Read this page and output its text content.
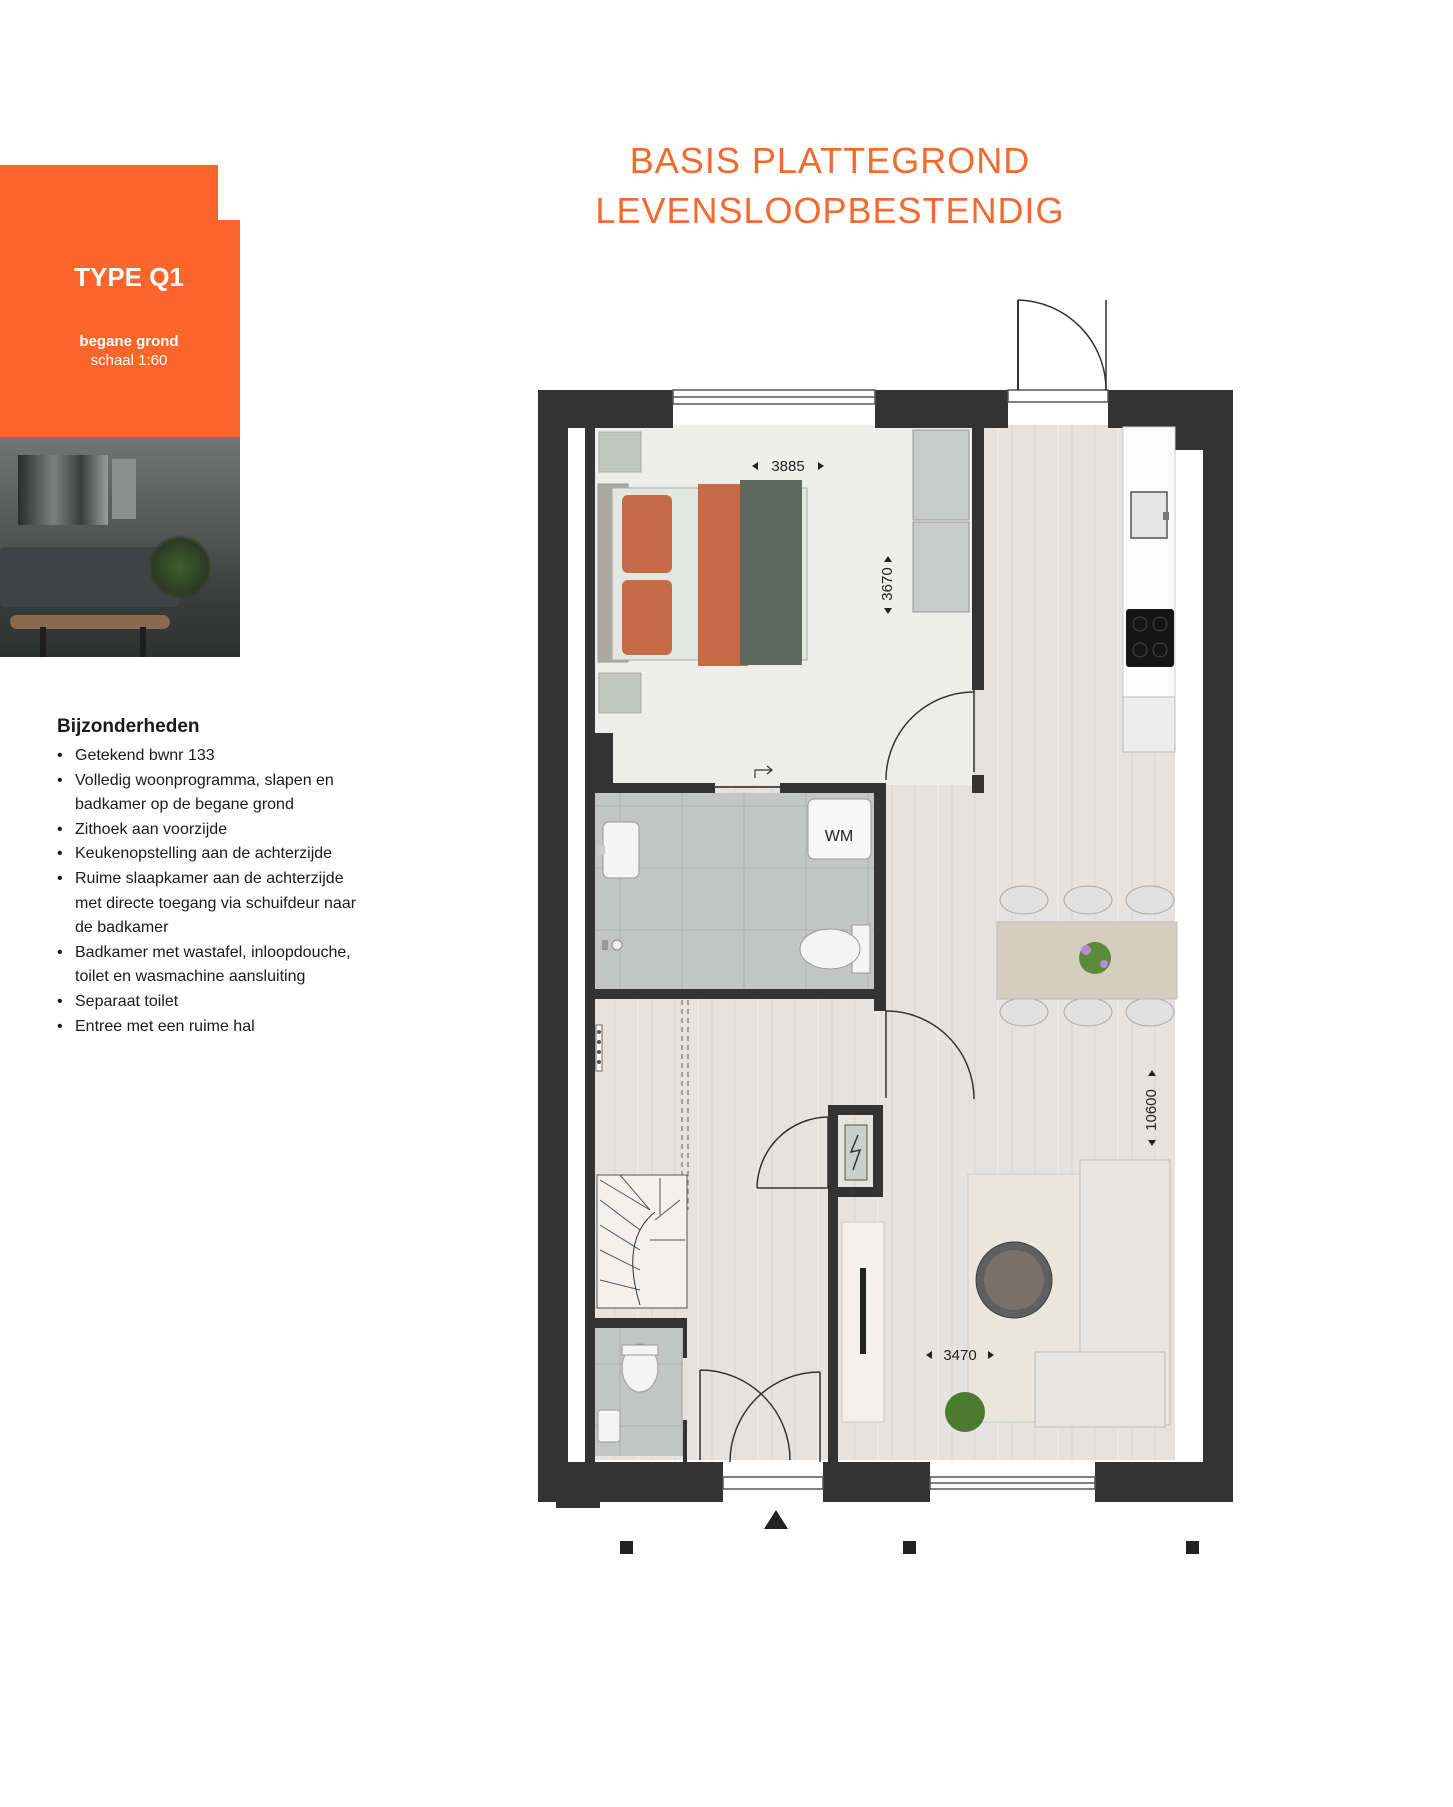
BASIS PLATTEGROND
LEVENSLOOPBESTENDIG
TYPE Q1
begane grond
schaal 1:60
Bijzonderheden
• Getekend bwnr 133
• Volledig woonprogramma, slapen en badkamer op de begane grond
• Zithoek aan voorzijde
• Keukenopstelling aan de achterzijde
• Ruime slaapkamer aan de achterzijde met directe toegang via schuifdeur naar de badkamer
• Badkamer met wastafel, inloopdouche, toilet en wasmachine aansluiting
• Separaat toilet
• Entree met een ruime hal
WM
3885
3670
10600
3470
